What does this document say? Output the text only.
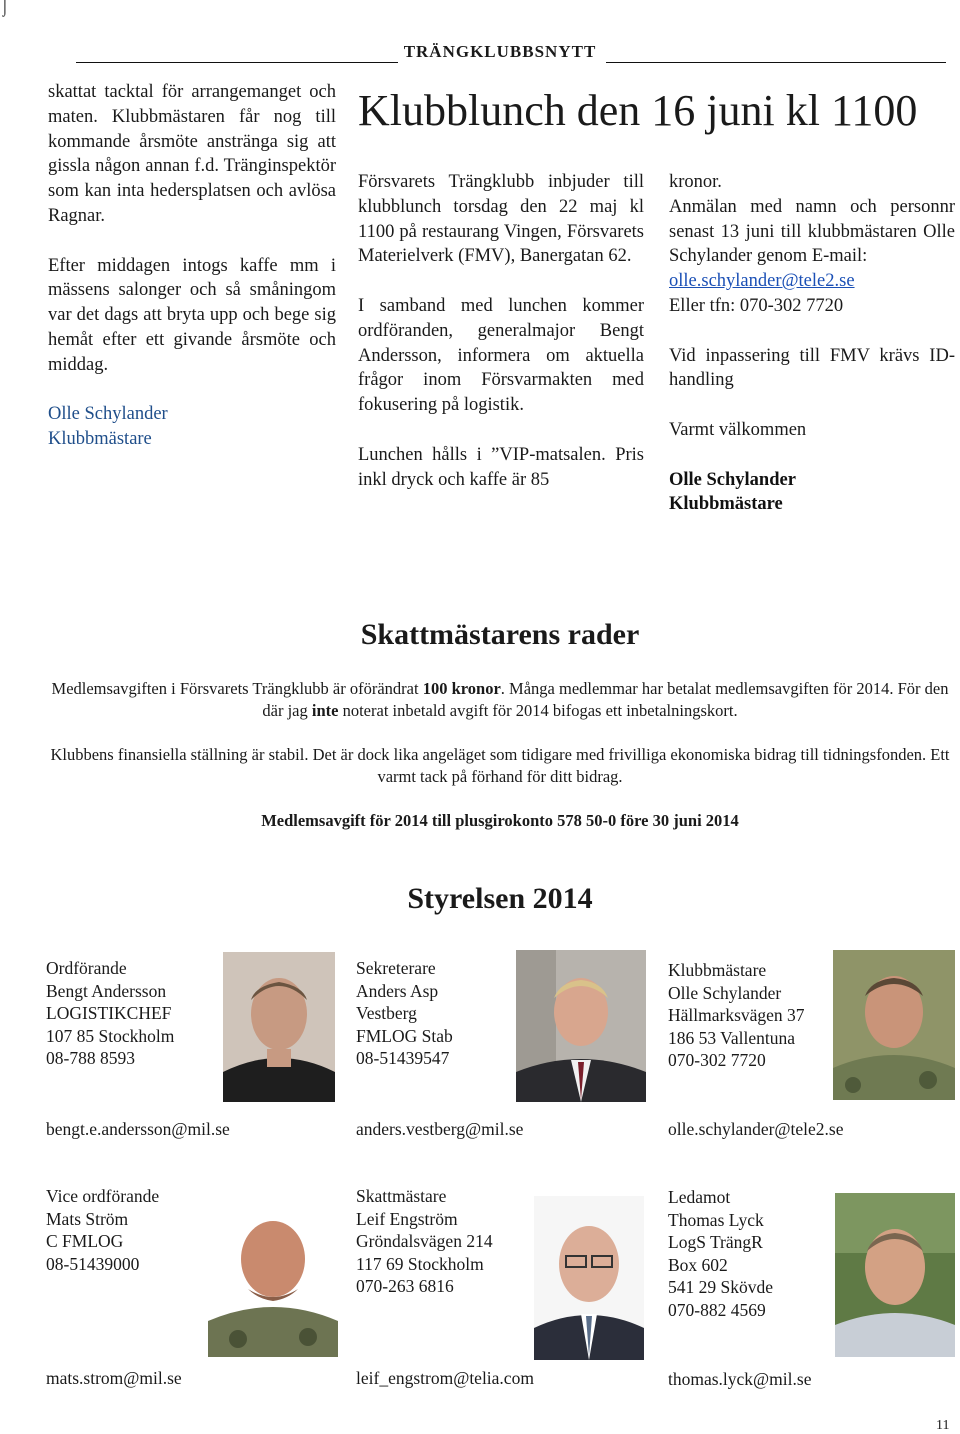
⌡
TRÄNGKLUBBSNYTT

skattat tacktal för arrangemanget och maten. Klubbmästaren får nog till kommande årsmöte anstränga sig att gissla någon annan f.d. Tränginspektör som kan inta hedersplatsen och avlösa Ragnar.

Efter middagen intogs kaffe mm i mässens salonger och så småningom var det dags att bryta upp och bege sig hemåt efter ett givande årsmöte och middag.

Olle Schylander
Klubbmästare
Klubblunch den 16 juni kl 1100

Försvarets Trängklubb inbjuder till klubblunch torsdag den 22 maj kl 1100 på restaurang Vingen, Försvarets Materielverk (FMV), Banergatan 62.

I samband med lunchen kommer ordföranden, generalmajor Bengt Andersson, informera om aktuella frågor inom Försvarmakten med fokusering på logistik.

Lunchen hålls i ”VIP-matsalen. Pris inkl dryck och kaffe är 85

kronor.
Anmälan med namn och personnr senast 13 juni till klubbmästaren Olle Schylander genom E-mail:
olle.schylander@tele2.se

Eller tfn: 070-302 7720

Vid inpassering till FMV krävs ID-handling

Varmt välkommen

Olle Schylander
Klubbmästare
Skattmästarens rader

Medlemsavgiften i Försvarets Trängklubb är oförändrat 100 kronor. Många medlemmar har betalat medlemsavgiften för 2014. För den där jag inte noterat inbetald avgift för 2014 bifogas ett inbetalningskort.

Klubbens finansiella ställning är stabil. Det är dock lika angeläget som tidigare med frivilliga ekonomiska bidrag till tidningsfonden. Ett varmt tack på förhand för ditt bidrag.

Medlemsavgift för 2014 till plusgirokonto 578 50-0 före 30 juni 2014

Styrelsen 2014
Ordförande
Bengt Andersson
LOGISTIKCHEF
107 85 Stockholm
08-788 8593
bengt.e.andersson@mil.se
Sekreterare
Anders Asp
Vestberg
FMLOG Stab
08-51439547
anders.vestberg@mil.se
Klubbmästare
Olle Schylander
Hällmarksvägen 37
186 53 Vallentuna
070-302 7720
olle.schylander@tele2.se
Vice ordförande
Mats Ström
C FMLOG
08-51439000
mats.strom@mil.se
Skattmästare
Leif Engström
Gröndalsvägen 214
117 69 Stockholm
070-263 6816
leif_engstrom@telia.com
Ledamot
Thomas Lyck
LogS TrängR
Box 602
541 29 Skövde
070-882 4569
thomas.lyck@mil.se
11
